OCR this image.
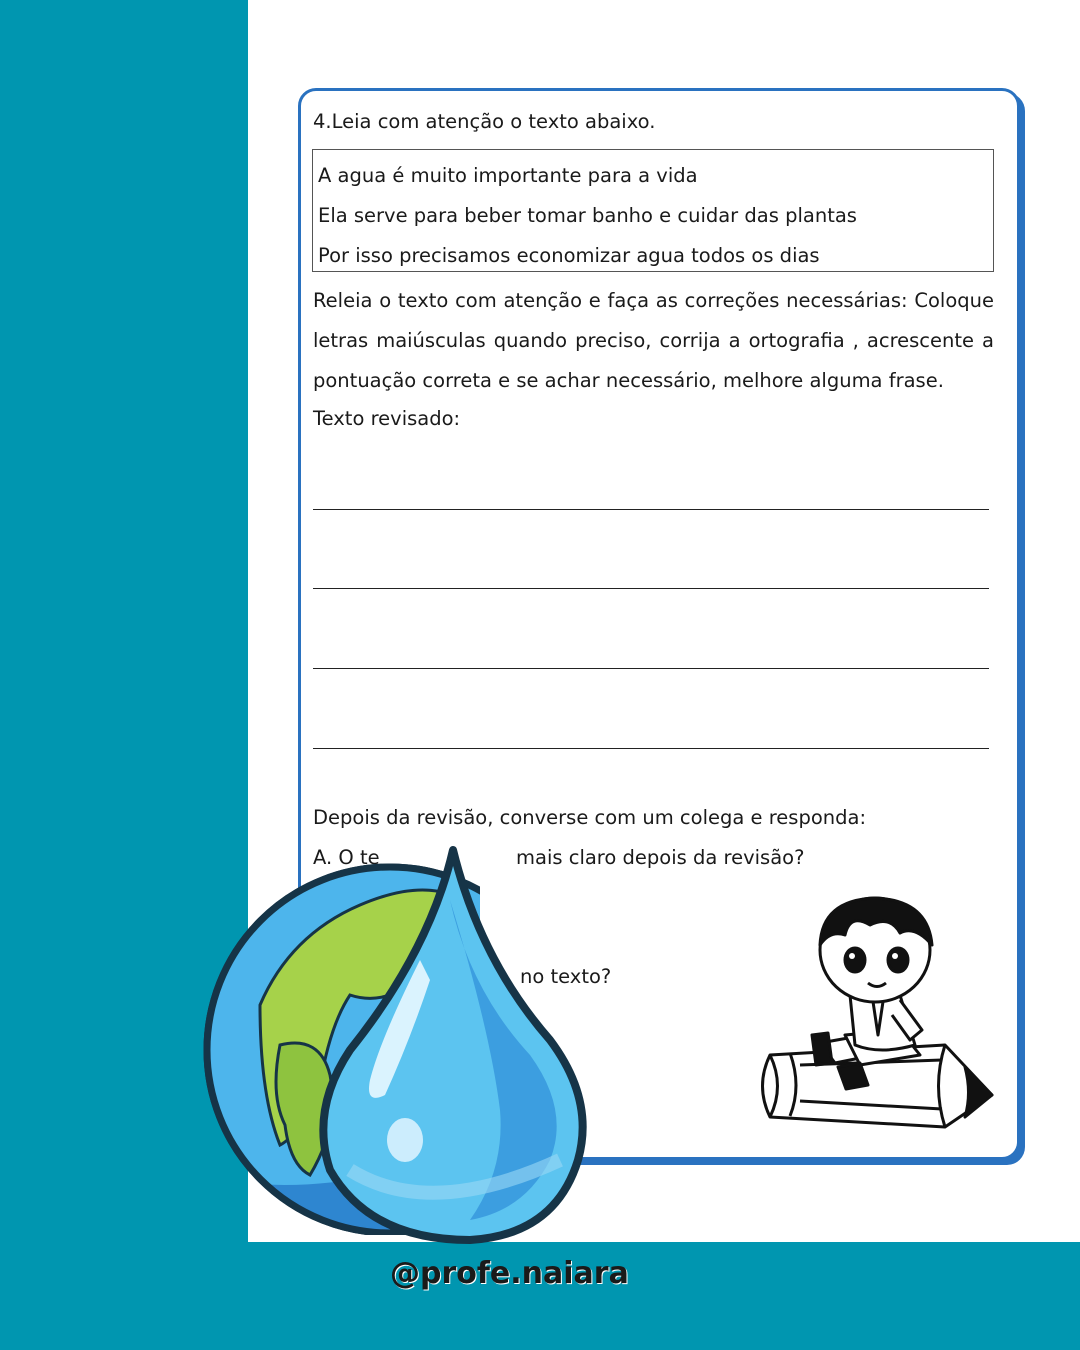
4.Leia com atenção o texto abaixo.
A agua é muito importante para a vida
Ela serve para beber tomar banho e cuidar das plantas
Por isso precisamos economizar agua todos os dias
Releia o texto com atenção e faça as correções necessárias: Coloque letras maiúsculas quando preciso, corrija a ortografia , acrescente a pontuação correta e se achar necessário, melhore alguma frase.
Texto revisado:
Depois da revisão, converse com um colega e responda:
A. O te	mais claro depois da revisão?
no texto?
@profe.naiara
